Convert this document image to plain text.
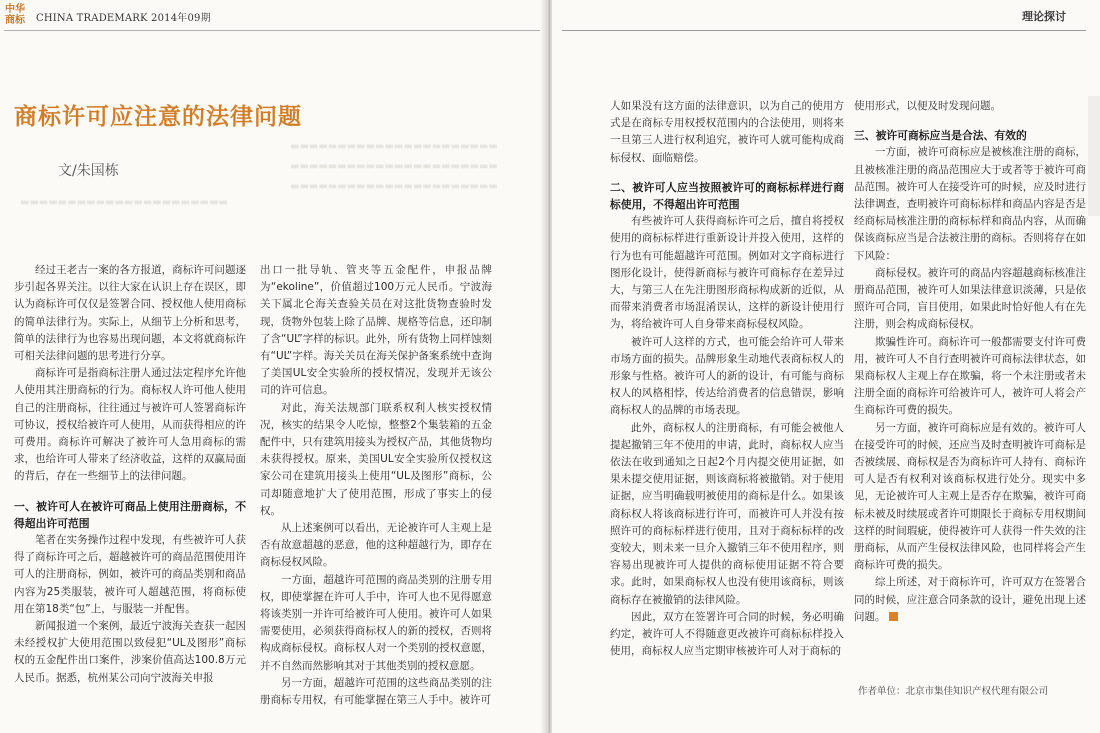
中华
商标 CHINA TRADEMARK 2014年09期
▬▬▬▬▬▬▬▬▬▬▬▬▬▬▬▬▬▬▬▬▬▬
▬▬▬▬▬▬▬▬▬▬▬▬▬▬▬▬▬▬▬▬▬▬
▬▬▬▬▬▬▬▬▬▬▬▬▬▬▬▬▬▬▬▬▬▬
▬▬▬▬▬▬▬▬▬▬▬▬▬▬▬▬▬▬▬▬▬▬
商标许可应注意的法律问题
文/朱国栋

经过王老吉一案的各方报道，商标许可问题逐步引起各界关注。以往大家在认识上存在误区，即认为商标许可仅仅是签署合同、授权他人使用商标的简单法律行为。实际上，从细节上分析和思考，简单的法律行为也容易出现问题，本文将就商标许可相关法律问题的思考进行分享。

商标许可是指商标注册人通过法定程序允许他人使用其注册商标的行为。商标权人许可他人使用自己的注册商标，往往通过与被许可人签署商标许可协议，授权给被许可人使用，从而获得相应的许可费用。商标许可解决了被许可人急用商标的需求，也给许可人带来了经济收益，这样的双赢局面的背后，存在一些细节上的法律问题。

一、被许可人在被许可商品上使用注册商标，不得超出许可范围

笔者在实务操作过程中发现，有些被许可人获得了商标许可之后，超越被许可的商品范围使用许可人的注册商标，例如，被许可的商品类别和商品内容为25类服装，被许可人超越范围，将商标使用在第18类“包”上，与服装一并配售。

新闻报道一个案例，最近宁波海关查获一起因未经授权扩大使用范围以致侵犯“UL及图形”商标权的五金配件出口案件，涉案价值高达100.8万元人民币。据悉，杭州某公司向宁波海关申报

出口一批导轨、管夹等五金配件，申报品牌为“ekoline”，价值超过100万元人民币。宁波海关下属北仑海关查验关员在对这批货物查验时发现，货物外包装上除了品牌、规格等信息，还印制了含“UL”字样的标识。此外，所有货物上同样蚀刻有“UL”字样。海关关员在海关保护备案系统中查询了美国UL安全实验所的授权情况，发现并无该公司的许可信息。

对此，海关法规部门联系权利人核实授权情况，核实的结果令人吃惊，整整2个集装箱的五金配件中，只有建筑用接头为授权产品，其他货物均未获得授权。原来，美国UL安全实验所仅授权这家公司在建筑用接头上使用“UL及图形”商标，公司却随意地扩大了使用范围，形成了事实上的侵权。

从上述案例可以看出，无论被许可人主观上是否有故意超越的恶意，他的这种超越行为，即存在商标侵权风险。

一方面，超越许可范围的商品类别的注册专用权，即使掌握在许可人手中，许可人也不见得愿意将该类别一并许可给被许可人使用。被许可人如果需要使用，必须获得商标权人的新的授权，否则将构成商标侵权。商标权人对一个类别的授权意愿，并不自然而然影响其对于其他类别的授权意愿。

另一方面，超越许可范围的这些商品类别的注册商标专用权，有可能掌握在第三人手中。被许可

理论探讨

人如果没有这方面的法律意识，以为自己的使用方式是在商标专用权授权范围内的合法使用，则将来一旦第三人进行权利追究，被许可人就可能构成商标侵权、面临赔偿。

二、被许可人应当按照被许可的商标标样进行商标使用，不得超出许可范围

有些被许可人获得商标许可之后，擅自将授权使用的商标标样进行重新设计并投入使用，这样的行为也有可能超越许可范围。例如对文字商标进行图形化设计，使得新商标与被许可商标存在差异过大，与第三人在先注册图形商标构成新的近似，从而带来消费者市场混淆误认，这样的新设计使用行为，将给被许可人自身带来商标侵权风险。

被许可人这样的方式，也可能会给许可人带来市场方面的损失。品牌形象生动地代表商标权人的形象与性格。被许可人的新的设计，有可能与商标权人的风格相悖，传达给消费者的信息错误，影响商标权人的品牌的市场表现。

此外，商标权人的注册商标，有可能会被他人提起撤销三年不使用的申请，此时，商标权人应当依法在收到通知之日起2个月内提交使用证据，如果未提交使用证据，则该商标将被撤销。对于使用证据，应当明确载明被使用的商标是什么。如果该商标权人将该商标进行许可，而被许可人并没有按照许可的商标标样进行使用，且对于商标标样的改变较大，则未来一旦介入撤销三年不使用程序，则容易出现被许可人提供的商标使用证据不符合要求。此时，如果商标权人也没有使用该商标，则该商标存在被撤销的法律风险。

因此，双方在签署许可合同的时候，务必明确约定，被许可人不得随意更改被许可商标标样投入使用，商标权人应当定期审核被许可人对于商标的

使用形式，以便及时发现问题。

三、被许可商标应当是合法、有效的

一方面，被许可商标应是被核准注册的商标，且被核准注册的商品范围应大于或者等于被许可商品范围。被许可人在接受许可的时候，应及时进行法律调查，查明被许可商标标样和商品内容是否是经商标局核准注册的商标标样和商品内容，从而确保该商标应当是合法被注册的商标。否则将存在如下风险：

商标侵权。被许可的商品内容超越商标核准注册商品范围，被许可人如果法律意识淡薄，只是依照许可合同，盲目使用，如果此时恰好他人有在先注册，则会构成商标侵权。

欺骗性许可。商标许可一般都需要支付许可费用，被许可人不自行查明被许可商标法律状态，如果商标权人主观上存在欺骗，将一个未注册或者未注册全面的商标许可给被许可人，被许可人将会产生商标许可费的损失。

另一方面，被许可商标应是有效的。被许可人在接受许可的时候，还应当及时查明被许可商标是否被续展、商标权是否为商标许可人持有、商标许可人是否有权利对该商标权进行处分。现实中多见，无论被许可人主观上是否存在欺骗，被许可商标未被及时续展或者许可期限长于商标专用权期间这样的时间瑕疵，使得被许可人获得一件失效的注册商标，从而产生侵权法律风险，也同样将会产生商标许可费的损失。

综上所述，对于商标许可，许可双方在签署合同的时候，应注意合同条款的设计，避免出现上述问题。

作者单位：北京市集佳知识产权代理有限公司
